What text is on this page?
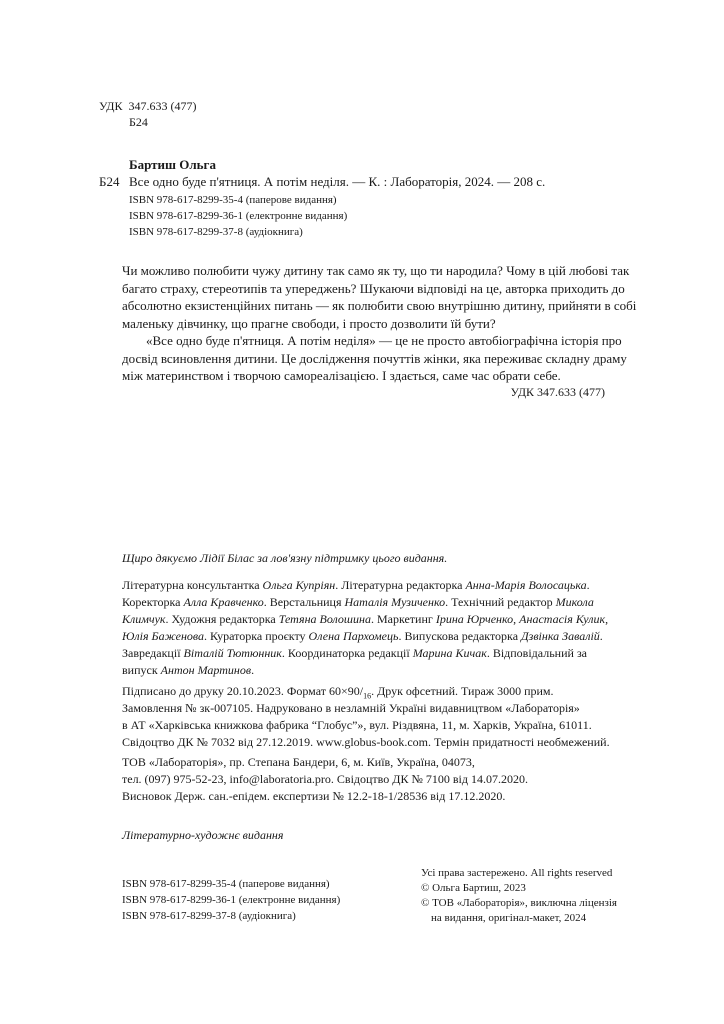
УДК 347.633 (477)
Б24
Бартиш Ольга
Б24 Все одно буде п'ятниця. А потім неділя. — К. : Лабораторія, 2024. — 208 с.
ISBN 978-617-8299-35-4 (паперове видання)
ISBN 978-617-8299-36-1 (електронне видання)
ISBN 978-617-8299-37-8 (аудіокнига)
Чи можливо полюбити чужу дитину так само як ту, що ти народила? Чому в цій любові так
багато страху, стереотипів та упереджень? Шукаючи відповіді на це, авторка приходить до
абсолютно екзистенційних питань — як полюбити свою внутрішню дитину, прийняти в собі
маленьку дівчинку, що прагне свободи, і просто дозволити їй бути?
«Все одно буде п'ятниця. А потім неділя» — це не просто автобіографічна історія про
досвід всиновлення дитини. Це дослідження почуттів жінки, яка переживає складну драму
між материнством і творчою самореалізацією. І здається, саме час обрати себе.
УДК 347.633 (477)
Щиро дякуємо Лідії Білас за лов'язну підтримку цього видання.
Літературна консультантка Ольга Купріян. Літературна редакторка Анна-Марія Волосацька.
Коректорка Алла Кравченко. Верстальниця Наталія Музиченко. Технічний редактор Микола
Климчук. Художня редакторка Тетяна Волошина. Маркетинг Ірина Юрченко, Анастасія Кулик,
Юлія Баженова. Кураторка проєкту Олена Пархомець. Випускова редакторка Дзвінка Завалій.
Завредакції Віталій Тютюнник. Координаторка редакції Марина Кичак. Відповідальний за
випуск Антон Мартинов.
Підписано до друку 20.10.2023. Формат $60\times 90/_{16}$. Друк офсетний. Тираж 3000 прим.
Замовлення № зк-007105. Надруковано в незламній Україні видавництвом «Лабораторія»
в АТ «Харківська книжкова фабрика “Глобус”», вул. Різдвяна, 11, м. Харків, Україна, 61011.
Свідоцтво ДК № 7032 від 27.12.2019. www.globus-book.com. Термін придатності необмежений.
ТОВ «Лабораторія», пр. Степана Бандери, 6, м. Київ, Україна, 04073,
тел. (097) 975-52-23, info@laboratoria.pro. Свідоцтво ДК № 7100 від 14.07.2020.
Висновок Держ. сан.-епідем. експертизи № 12.2-18-1/28536 від 17.12.2020.
Літературно-художнє видання
ISBN 978-617-8299-35-4 (паперове видання)
ISBN 978-617-8299-36-1 (електронне видання)
ISBN 978-617-8299-37-8 (аудіокнига)
Усі права застережено. All rights reserved
© Ольга Бартиш, 2023
© ТОВ «Лабораторія», виключна ліцензія
на видання, оригінал-макет, 2024
